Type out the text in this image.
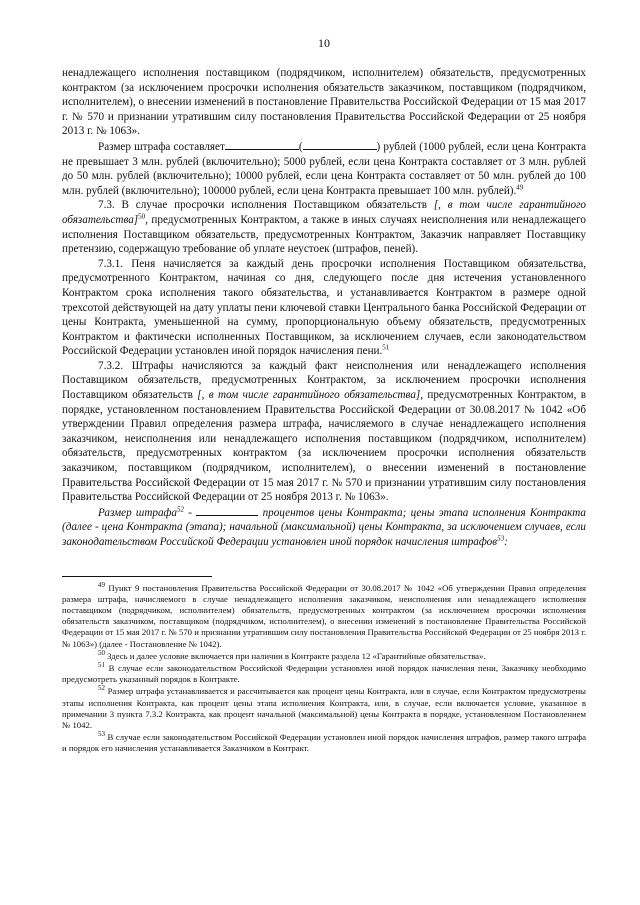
10

ненадлежащего исполнения поставщиком (подрядчиком, исполнителем) обязательств, предусмотренных контрактом (за исключением просрочки исполнения обязательств заказчиком, поставщиком (подрядчиком, исполнителем), о внесении изменений в постановление Правительства Российской Федерации от 15 мая 2017 г. № 570 и признании утратившим силу постановления Правительства Российской Федерации от 25 ноября 2013 г. № 1063».

Размер штрафа составляет	(	) рублей (1000 рублей, если цена Контракта не превышает 3 млн. рублей (включительно); 5000 рублей, если цена Контракта составляет от 3 млн. рублей до 50 млн. рублей (включительно); 10000 рублей, если цена Контракта составляет от 50 млн. рублей до 100 млн. рублей (включительно); 100000 рублей, если цена Контракта превышает 100 млн. рублей).$^{49}$

7.3. В случае просрочки исполнения Поставщиком обязательств [, в том числе гарантийного обязательства]$^{50}$, предусмотренных Контрактом, а также в иных случаях неисполнения или ненадлежащего исполнения Поставщиком обязательств, предусмотренных Контрактом, Заказчик направляет Поставщику претензию, содержащую требование об уплате неустоек (штрафов, пеней).

7.3.1. Пеня начисляется за каждый день просрочки исполнения Поставщиком обязательства, предусмотренного Контрактом, начиная со дня, следующего после дня истечения установленного Контрактом срока исполнения такого обязательства, и устанавливается Контрактом в размере одной трехсотой действующей на дату уплаты пени ключевой ставки Центрального банка Российской Федерации от цены Контракта, уменьшенной на сумму, пропорциональную объему обязательств, предусмотренных Контрактом и фактически исполненных Поставщиком, за исключением случаев, если законодательством Российской Федерации установлен иной порядок начисления пени.$^{51}$

7.3.2. Штрафы начисляются за каждый факт неисполнения или ненадлежащего исполнения Поставщиком обязательств, предусмотренных Контрактом, за исключением просрочки исполнения Поставщиком обязательств [, в том числе гарантийного обязательства], предусмотренных Контрактом, в порядке, установленном постановлением Правительства Российской Федерации от 30.08.2017 № 1042 «Об утверждении Правил определения размера штрафа, начисляемого в случае ненадлежащего исполнения заказчиком, неисполнения или ненадлежащего исполнения поставщиком (подрядчиком, исполнителем) обязательств, предусмотренных контрактом (за исключением просрочки исполнения обязательств заказчиком, поставщиком (подрядчиком, исполнителем), о внесении изменений в постановление Правительства Российской Федерации от 15 мая 2017 г. № 570 и признании утратившим силу постановления Правительства Российской Федерации от 25 ноября 2013 г. № 1063».

Размер штрафа$^{52}$ -	процентов цены Контракта; цены этапа исполнения Контракта (далее - цена Контракта (этапа); начальной (максимальной) цены Контракта, за исключением случаев, если законодательством Российской Федерации установлен иной порядок начисления штрафов$^{53}$:

$^{49}$ Пункт 9 постановления Правительства Российской Федерации от 30.08.2017 № 1042 «Об утверждении Правил определения размера штрафа, начисляемого в случае ненадлежащего исполнения заказчиком, неисполнения или ненадлежащего исполнения поставщиком (подрядчиком, исполнителем) обязательств, предусмотренных контрактом (за исключением просрочки исполнения обязательств заказчиком, поставщиком (подрядчиком, исполнителем), о внесении изменений в постановление Правительства Российской Федерации от 15 мая 2017 г. № 570 и признании утратившим силу постановления Правительства Российской Федерации от 25 ноября 2013 г. № 1063») (далее - Постановление № 1042).

$^{50}$ Здесь и далее условие включается при наличии в Контракте раздела 12 «Гарантийные обязательства».

$^{51}$ В случае если законодательством Российской Федерации установлен иной порядок начисления пени, Заказчику необходимо предусмотреть указанный порядок в Контракте.

$^{52}$ Размер штрафа устанавливается и рассчитывается как процент цены Контракта, или в случае, если Контрактом предусмотрены этапы исполнения Контракта, как процент цены этапа исполнения Контракта, или, в случае, если включается условие, указанное в примечании 3 пункта 7.3.2 Контракта, как процент начальной (максимальной) цены Контракта в порядке, установленном Постановлением № 1042.

$^{53}$ В случае если законодательством Российской Федерации установлен иной порядок начисления штрафов, размер такого штрафа и порядок его начисления устанавливается Заказчиком в Контракт.
